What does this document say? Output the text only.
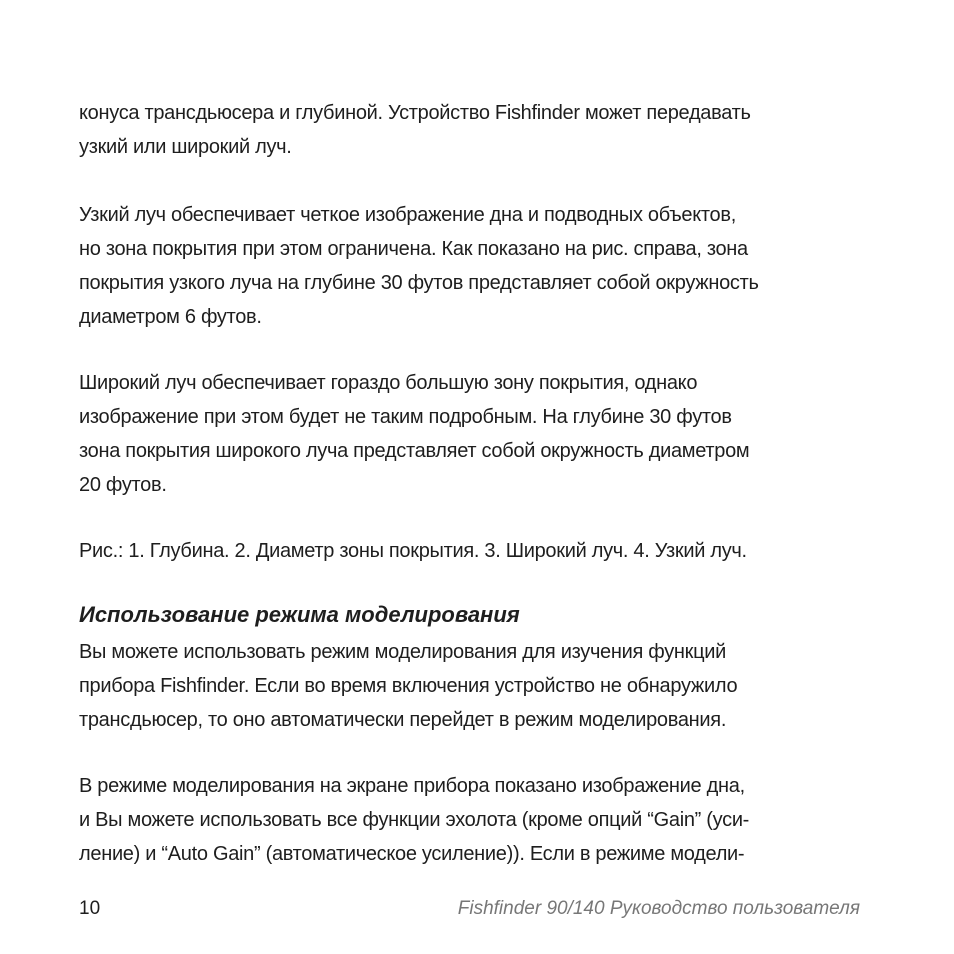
конуса трансдьюсера и глубиной. Устройство Fishfinder может передавать
узкий или широкий луч.
Узкий луч обеспечивает четкое изображение дна и подводных объектов,
но зона покрытия при этом ограничена. Как показано на рис. справа, зона
покрытия узкого луча на глубине 30 футов представляет собой окружность
диаметром 6 футов.
Широкий луч обеспечивает гораздо большую зону покрытия, однако
изображение при этом будет не таким подробным. На глубине 30 футов
зона покрытия широкого луча представляет собой окружность диаметром
20 футов.
Рис.: 1. Глубина. 2. Диаметр зоны покрытия. 3. Широкий луч. 4. Узкий луч.
Использование режима моделирования
Вы можете использовать режим моделирования для изучения функций
прибора Fishfinder. Если во время включения устройство не обнаружило
трансдьюсер, то оно автоматически перейдет в режим моделирования.
В режиме моделирования на экране прибора показано изображение дна,
и Вы можете использовать все функции эхолота (кроме опций “Gain” (уси-
ление) и “Auto Gain” (автоматическое усиление)). Если в режиме модели-
10	Fishfinder 90/140 Руководство пользователя
